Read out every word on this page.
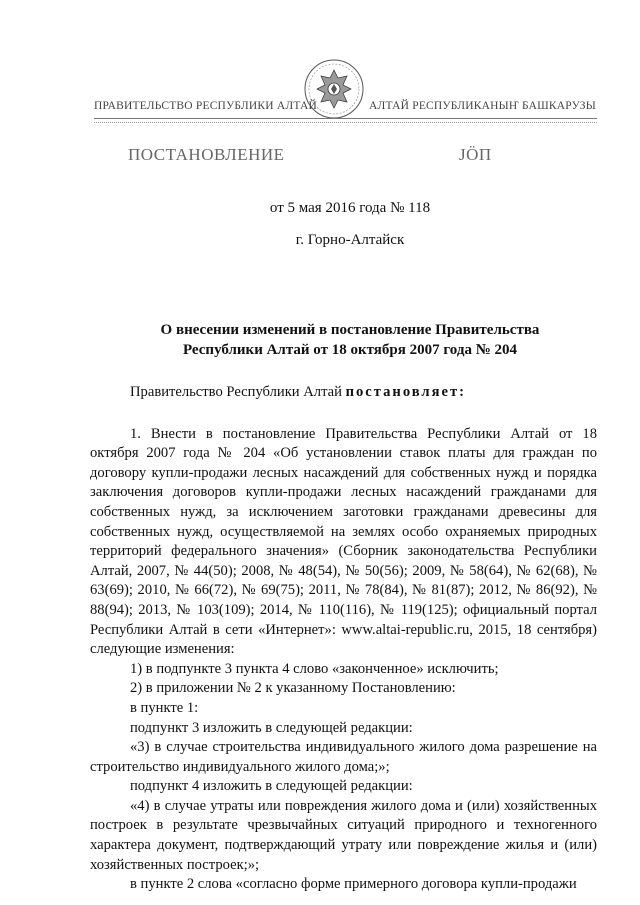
ПРАВИТЕЛЬСТВО РЕСПУБЛИКИ АЛТАЙ	АЛТАЙ РЕСПУБЛИКАНЫҤ БАШКАРУЗЫ
ПОСТАНОВЛЕНИЕ	JӦП
от 5 мая 2016 года № 118
г. Горно-Алтайск
О внесении изменений в постановление Правительства
Республики Алтай от 18 октября 2007 года № 204

Правительство Республики Алтай постановляет:

1. Внести в постановление Правительства Республики Алтай от 18 октября 2007 года № 204 «Об установлении ставок платы для граждан по договору купли-продажи лесных насаждений для собственных нужд и порядка заключения договоров купли-продажи лесных насаждений гражданами для собственных нужд, за исключением заготовки гражданами древесины для собственных нужд, осуществляемой на землях особо охраняемых природных территорий федерального значения» (Сборник законодательства Республики Алтай, 2007, № 44(50); 2008, № 48(54), № 50(56); 2009, № 58(64), № 62(68), № 63(69); 2010, № 66(72), № 69(75); 2011, № 78(84), № 81(87); 2012, № 86(92), № 88(94); 2013, № 103(109); 2014, № 110(116), № 119(125); официальный портал Республики Алтай в сети «Интернет»: www.altai-republic.ru, 2015, 18 сентября) следующие изменения:

1) в подпункте 3 пункта 4 слово «законченное» исключить;

2) в приложении № 2 к указанному Постановлению:

в пункте 1:

подпункт 3 изложить в следующей редакции:

«3) в случае строительства индивидуального жилого дома разрешение на строительство индивидуального жилого дома;»;

подпункт 4 изложить в следующей редакции:

«4) в случае утраты или повреждения жилого дома и (или) хозяйственных построек в результате чрезвычайных ситуаций природного и техногенного характера документ, подтверждающий утрату или повреждение жилья и (или) хозяйственных построек;»;

в пункте 2 слова «согласно форме примерного договора купли-продажи
